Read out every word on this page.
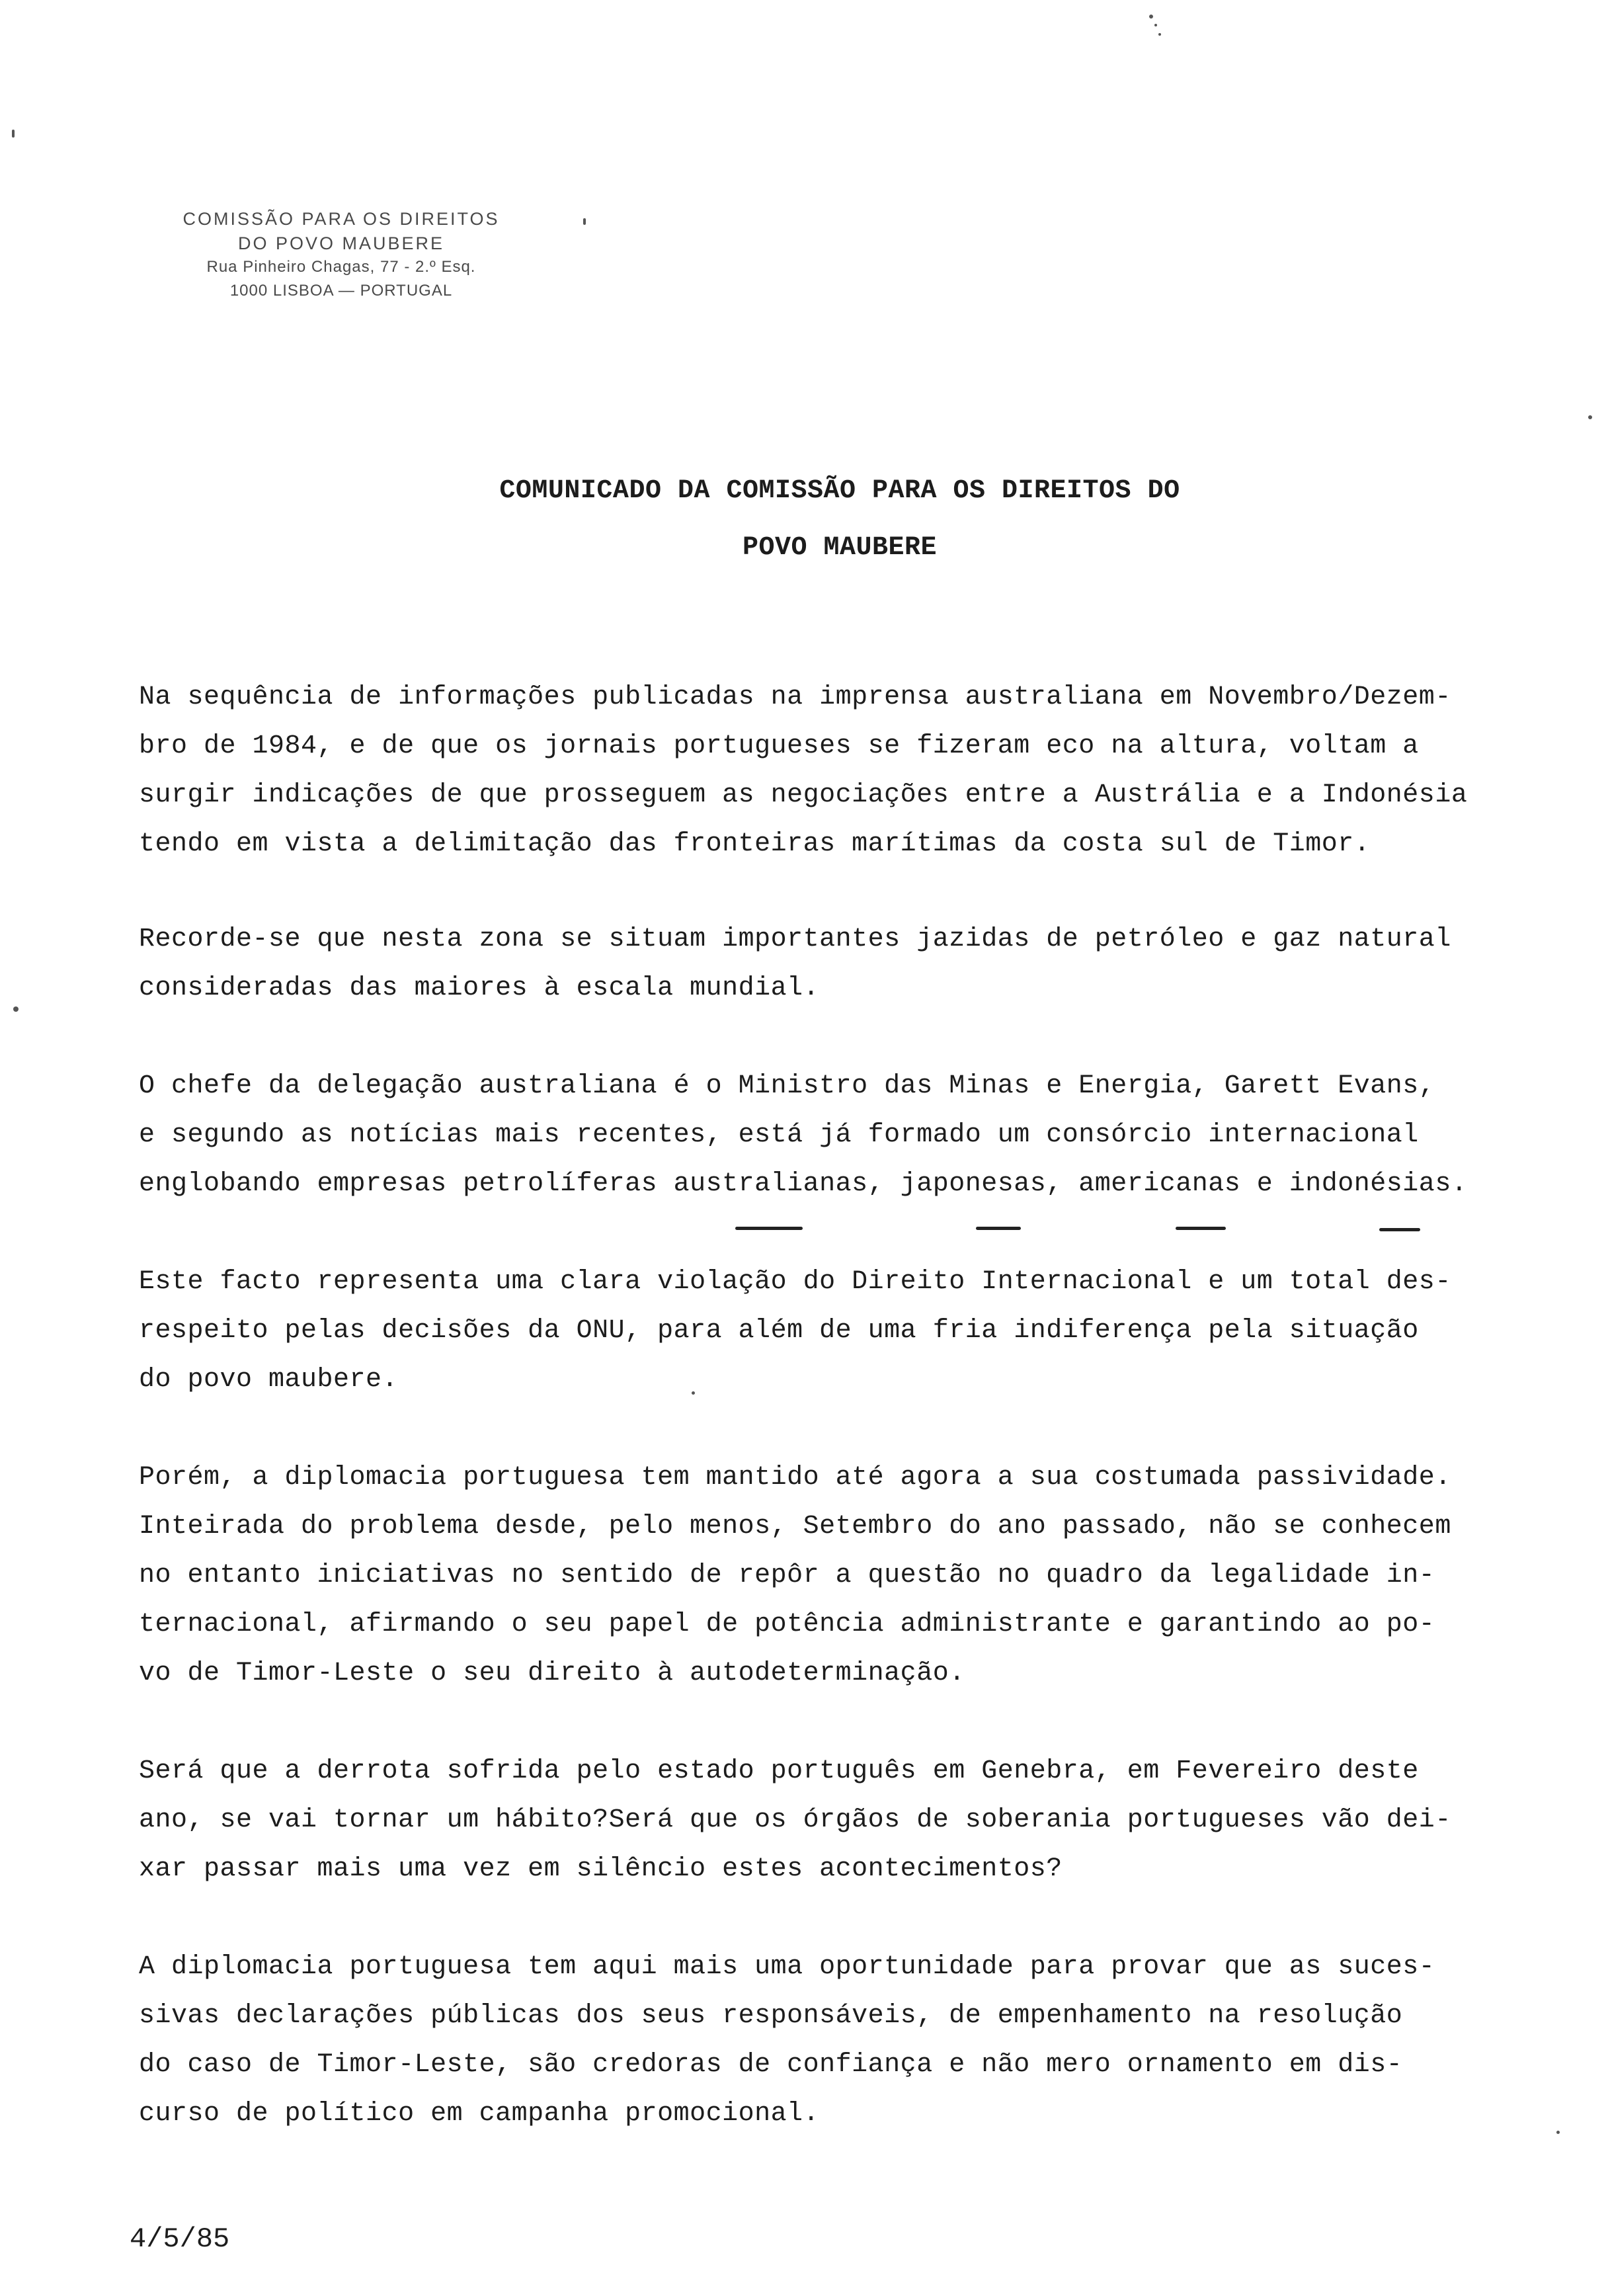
COMISSÃO PARA OS DIREITOS
DO POVO MAUBERE
Rua Pinheiro Chagas, 77 - 2.º Esq.
1000 LISBOA — PORTUGAL
COMUNICADO DA COMISSÃO PARA OS DIREITOS DO
POVO MAUBERE
Na sequência de informações publicadas na imprensa australiana em Novembro/Dezem-
bro de 1984, e de que os jornais portugueses se fizeram eco na altura, voltam a
surgir indicações de que prosseguem as negociações entre a Austrália e a Indonésia
tendo em vista a delimitação das fronteiras marítimas da costa sul de Timor.
Recorde-se que nesta zona se situam importantes jazidas de petróleo e gaz natural
consideradas das maiores à escala mundial.
O chefe da delegação australiana é o Ministro das Minas e Energia, Garett Evans,
e segundo as notícias mais recentes, está já formado um consórcio internacional
englobando empresas petrolíferas australianas, japonesas, americanas e indonésias.
Este facto representa uma clara violação do Direito Internacional e um total des-
respeito pelas decisões da ONU, para além de uma fria indiferença pela situação
do povo maubere.
Porém, a diplomacia portuguesa tem mantido até agora a sua costumada passividade.
Inteirada do problema desde, pelo menos, Setembro do ano passado, não se conhecem
no entanto iniciativas no sentido de repôr a questão no quadro da legalidade in-
ternacional, afirmando o seu papel de potência administrante e garantindo ao po-
vo de Timor-Leste o seu direito à autodeterminação.
Será que a derrota sofrida pelo estado português em Genebra, em Fevereiro deste
ano, se vai tornar um hábito?Será que os órgãos de soberania portugueses vão dei-
xar passar mais uma vez em silêncio estes acontecimentos?
A diplomacia portuguesa tem aqui mais uma oportunidade para provar que as suces-
sivas declarações públicas dos seus responsáveis, de empenhamento na resolução
do caso de Timor-Leste, são credoras de confiança e não mero ornamento em dis-
curso de político em campanha promocional.
4/5/85
